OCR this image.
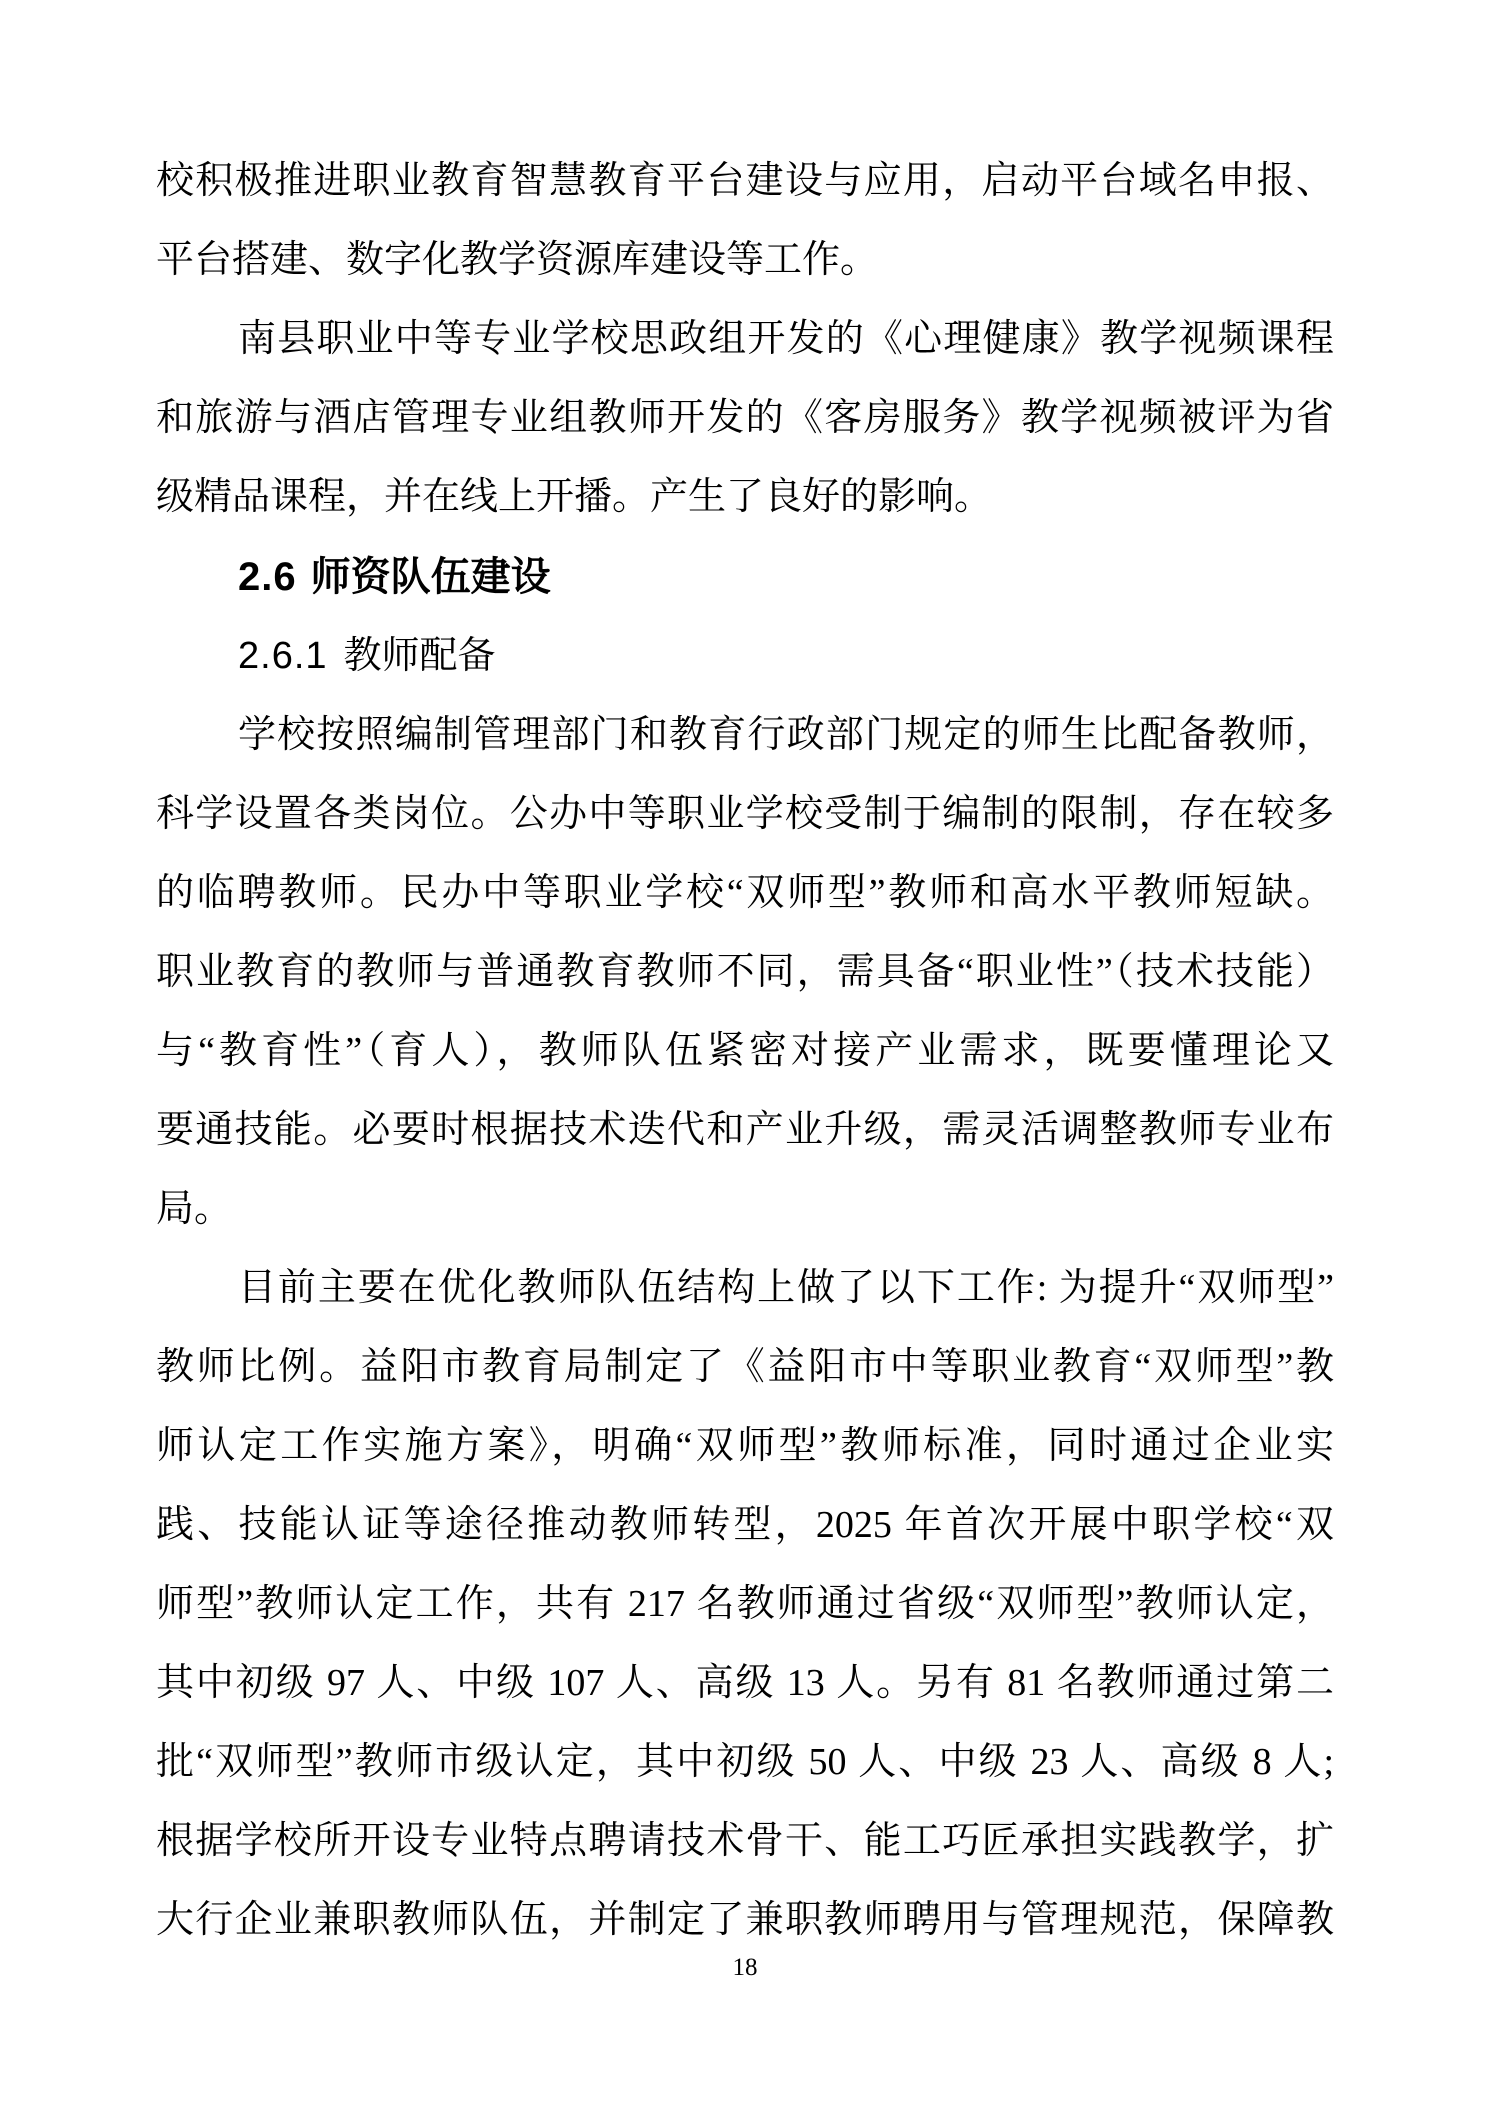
校积极推进职业教育智慧教育平台建设与应用，启动平台域名申报、
平台搭建、数字化教学资源库建设等工作。

南县职业中等专业学校思政组开发的《心理健康》教学视频课程
和旅游与酒店管理专业组教师开发的《客房服务》教学视频被评为省
级精品课程，并在线上开播。产生了良好的影响。

2.6 师资队伍建设
2.6.1 教师配备

学校按照编制管理部门和教育行政部门规定的师生比配备教师，
科学设置各类岗位。公办中等职业学校受制于编制的限制，存在较多
的临聘教师。民办中等职业学校“双师型”教师和高水平教师短缺。
职业教育的教师与普通教育教师不同，需具备“职业性”（技术技能）
与“教育性”（育人），教师队伍紧密对接产业需求，既要懂理论又
要通技能。必要时根据技术迭代和产业升级，需灵活调整教师专业布
局。

目前主要在优化教师队伍结构上做了以下工作: 为提升“双师型”
教师比例。益阳市教育局制定了《益阳市中等职业教育“双师型”教
师认定工作实施方案》，明确“双师型”教师标准，同时通过企业实
践、技能认证等途径推动教师转型，2025 年首次开展中职学校“双
师型”教师认定工作，共有 217 名教师通过省级“双师型”教师认定，
其中初级 97 人、中级 107 人、高级 13 人。另有 81 名教师通过第二
批“双师型”教师市级认定，其中初级 50 人、中级 23 人、高级 8 人;
根据学校所开设专业特点聘请技术骨干、能工巧匠承担实践教学，扩
大行企业兼职教师队伍，并制定了兼职教师聘用与管理规范，保障教

18
